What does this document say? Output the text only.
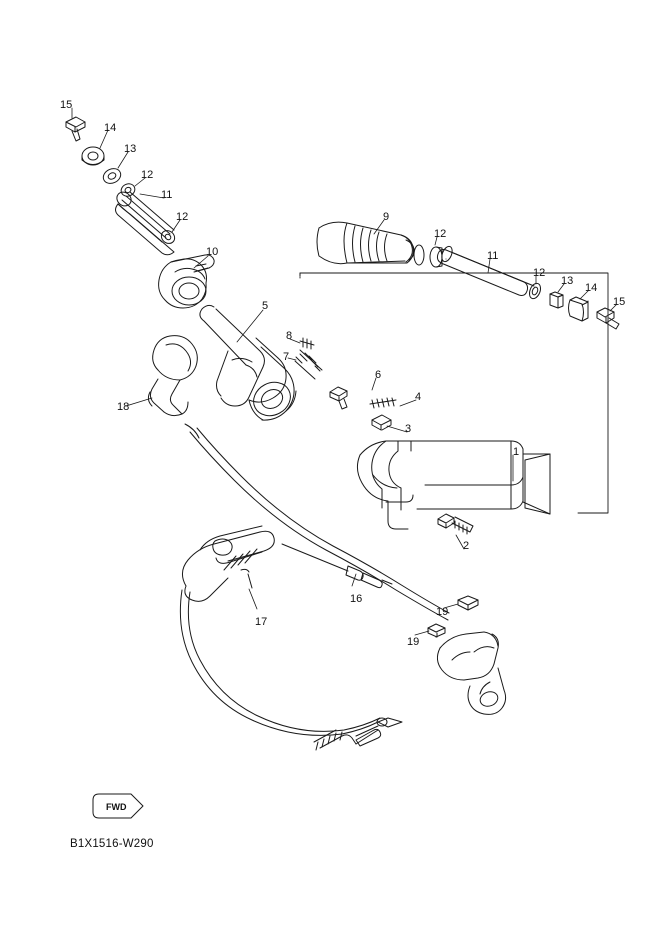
15
14
13
12
11
12
10
9
12
11
12
13
14
15
5
8
7
6
4
3
1
18
2
16
17
19
19
FWD
B1X1516-W290
